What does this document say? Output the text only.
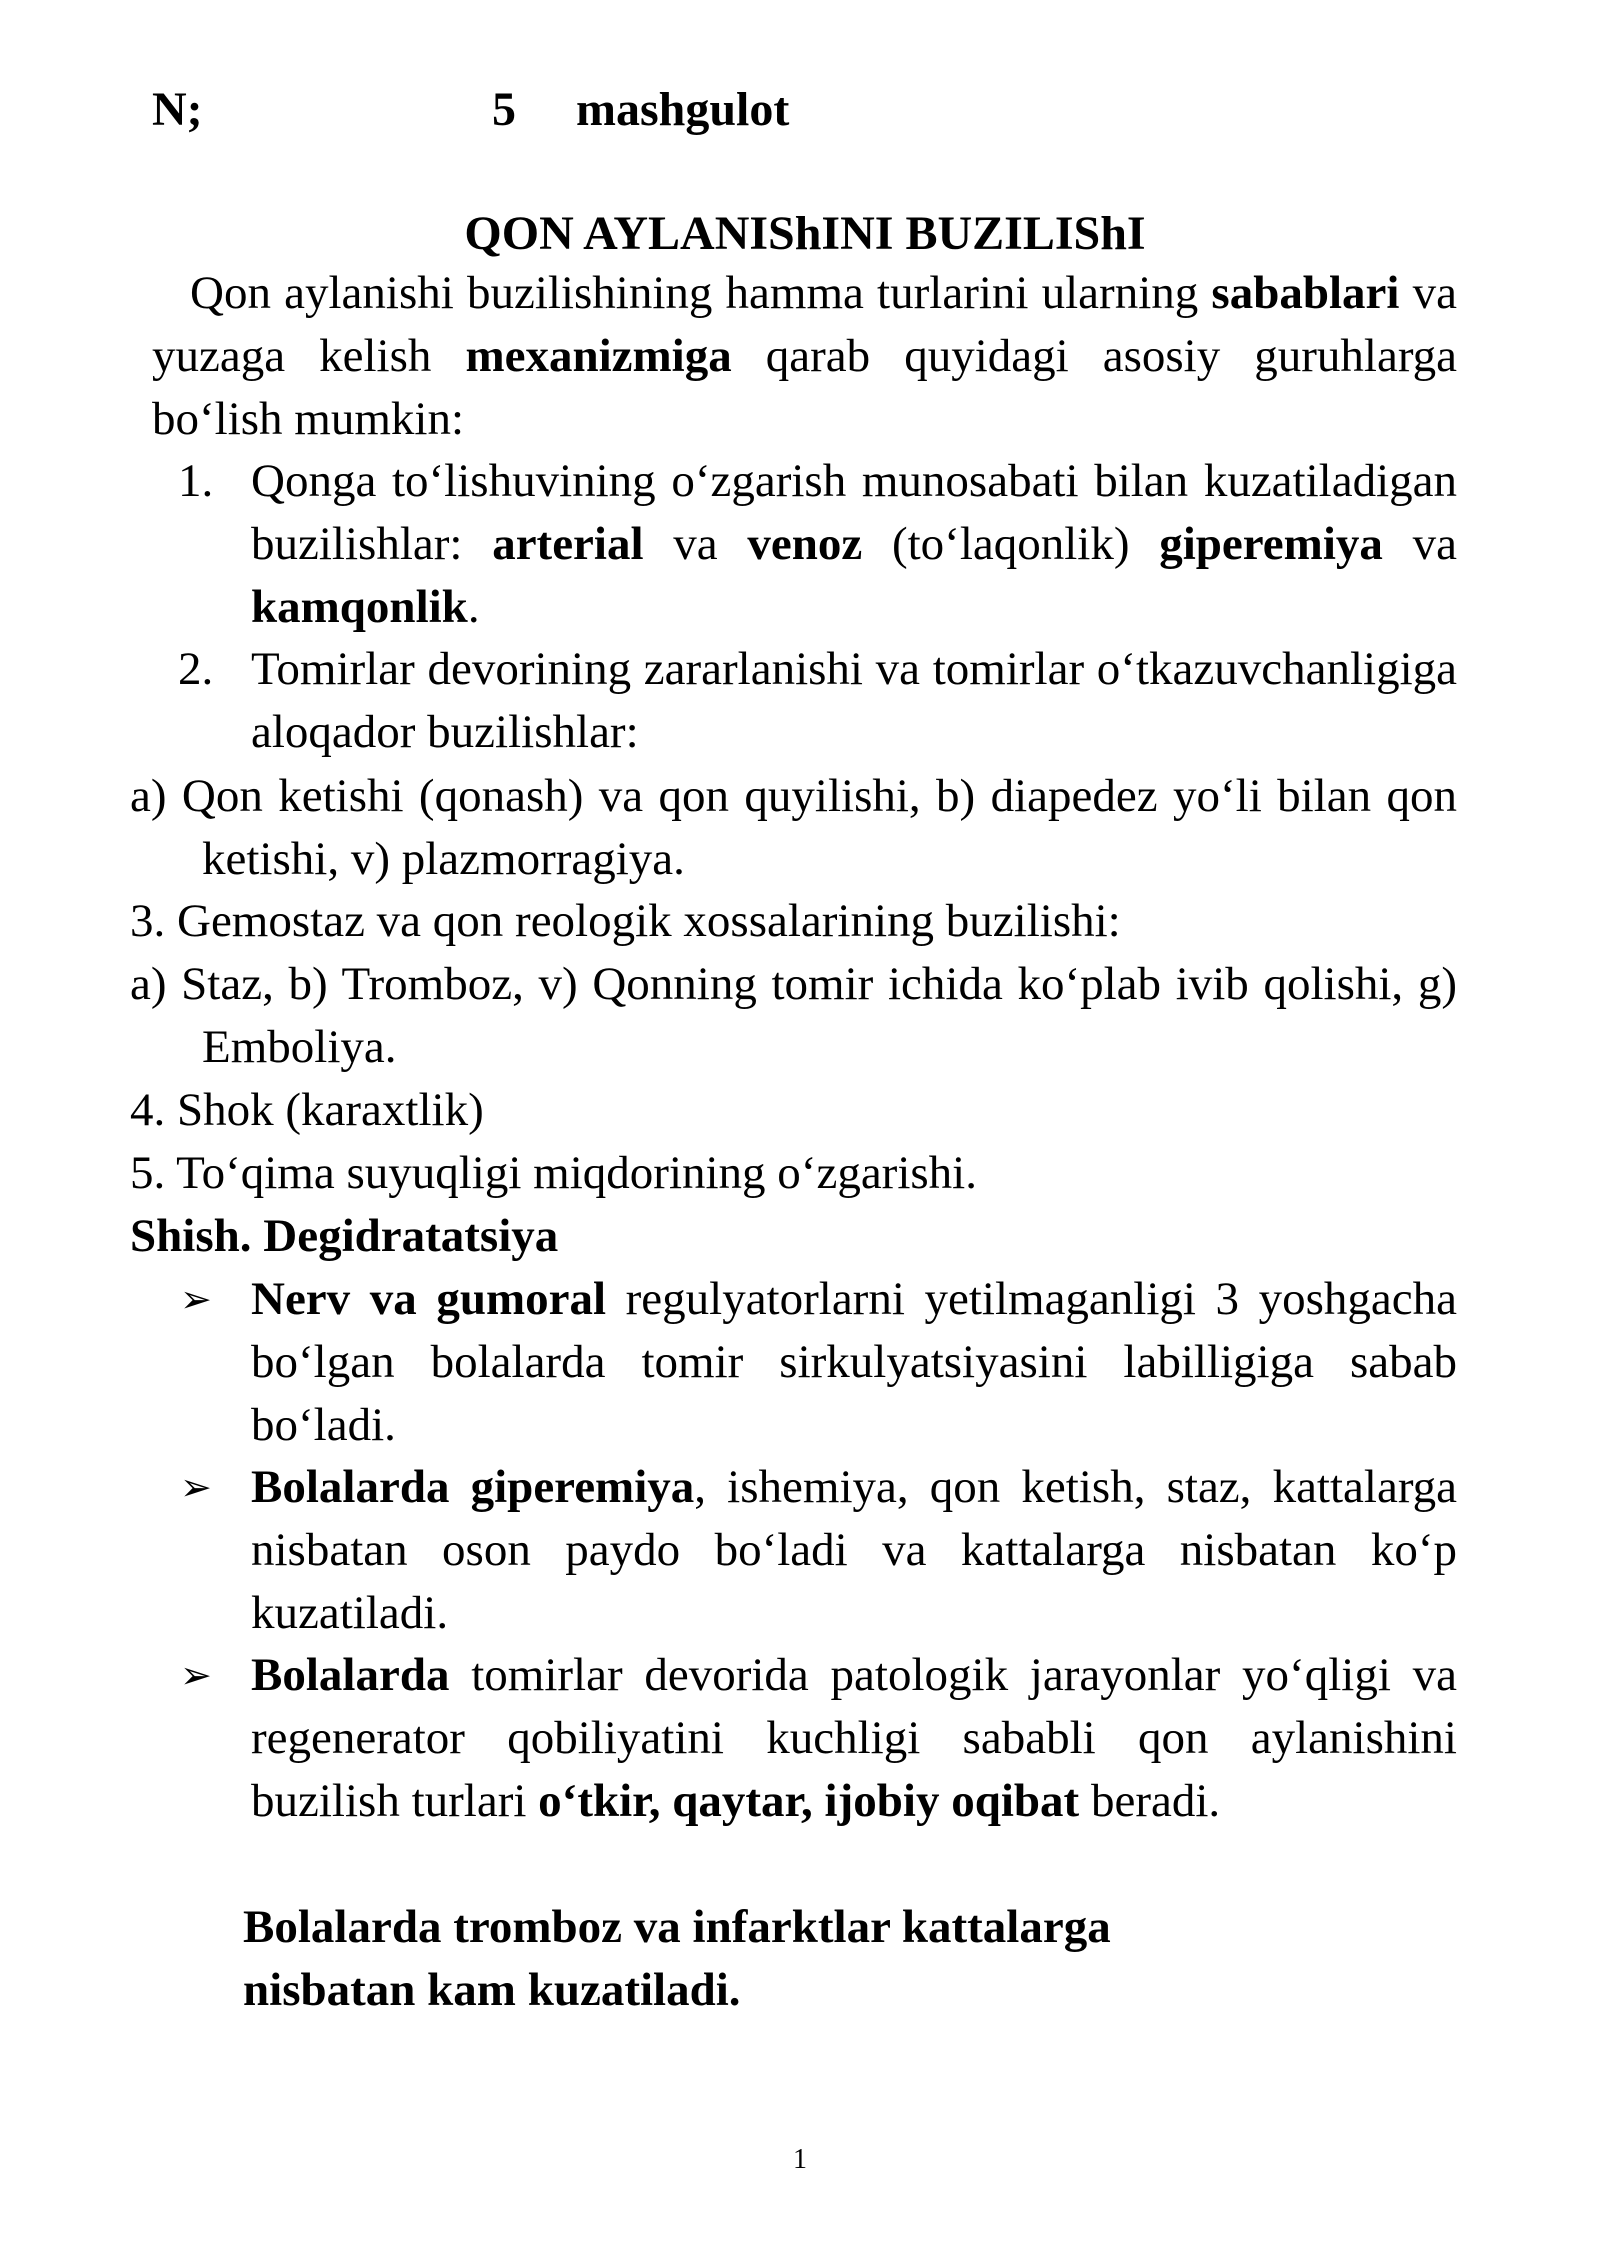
N;	5 mashgulot
QON AYLANIShINI BUZILIShI
Qon aylanishi buzilishining hamma turlarini ularning sabablari va yuzaga kelish mexanizmiga qarab quyidagi asosiy guruhlarga bo‘lish mumkin:
1. Qonga to‘lishuvining o‘zgarish munosabati bilan kuzatiladigan buzilishlar: arterial va venoz (to‘laqonlik) giperemiya va kamqonlik.
2. Tomirlar devorining zararlanishi va tomirlar o‘tkazuvchanligiga aloqador buzilishlar:
a) Qon ketishi (qonash) va qon quyilishi, b) diapedez yo‘li bilan qon ketishi, v) plazmorragiya.
3. Gemostaz va qon reologik xossalarining buzilishi:
a) Staz, b) Tromboz, v) Qonning tomir ichida ko‘plab ivib qolishi, g) Emboliya.
4. Shok (karaxtlik)
5. To‘qima suyuqligi miqdorining o‘zgarishi.
Shish. Degidratatsiya
➢ Nerv va gumoral regulyatorlarni yetilmaganligi 3 yoshgacha bo‘lgan bolalarda tomir sirkulyatsiyasini labilligiga sabab bo‘ladi.
➢ Bolalarda giperemiya, ishemiya, qon ketish, staz, kattalarga nisbatan oson paydo bo‘ladi va kattalarga nisbatan ko‘p kuzatiladi.
➢ Bolalarda tomirlar devorida patologik jarayonlar yo‘qligi va regenerator qobiliyatini kuchligi sababli qon aylanishini buzilish turlari o‘tkir, qaytar, ijobiy oqibat beradi.
Bolalarda tromboz va infarktlar kattalarga
nisbatan kam kuzatiladi.
1
